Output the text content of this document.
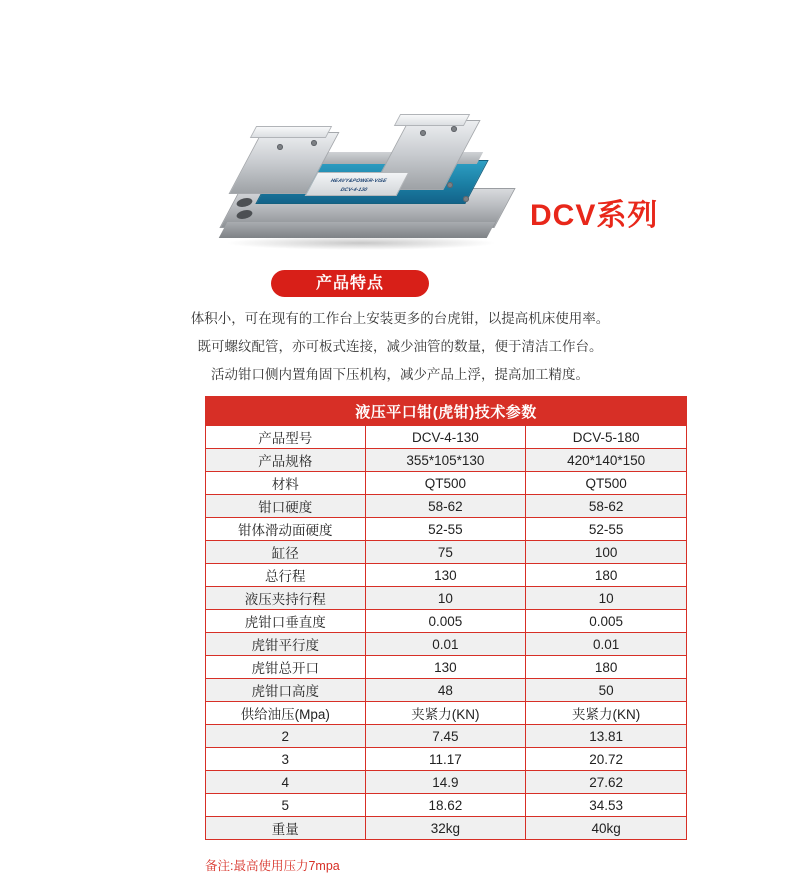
HEAVY&POWER-VISE
DCV-4-130
DCV系列
产品特点
体积小，可在现有的工作台上安装更多的台虎钳，以提高机床使用率。
既可螺纹配管，亦可板式连接，减少油管的数量，便于清洁工作台。
活动钳口侧内置角固下压机构，减少产品上浮，提高加工精度。
液压平口钳(虎钳)技术参数		
产品型号	DCV-4-130	DCV-5-180
产品规格	355*105*130	420*140*150
材料	QT500	QT500
钳口硬度	58-62	58-62
钳体滑动面硬度	52-55	52-55
缸径	75	100
总行程	130	180
液压夹持行程	10	10
虎钳口垂直度	0.005	0.005
虎钳平行度	0.01	0.01
虎钳总开口	130	180
虎钳口高度	48	50
供给油压(Mpa)	夹紧力(KN)	夹紧力(KN)
2	7.45	13.81
3	11.17	20.72
4	14.9	27.62
5	18.62	34.53
重量	32kg	40kg
备注:最高使用压力7mpa
